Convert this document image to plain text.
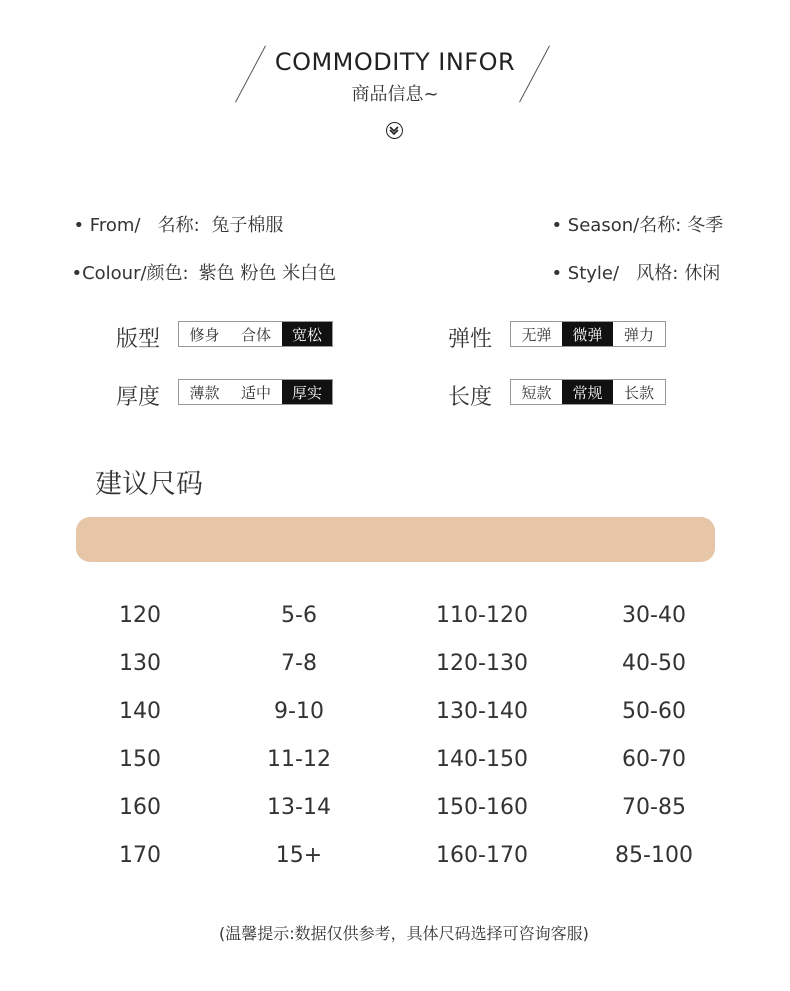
COMMODITY INFOR
商品信息~

• From/   名称: 兔子棉服	• Season/名称: 冬季

•Colour/颜色: 紫色 粉色 米白色	• Style/   风格: 休闲

版型	修身	合体	宽松	弹性	无弹	微弹	弹力
厚度	薄款	适中	厚实	长度	短款	常规	长款
建议尺码
120	5-6	110-120	30-40
130	7-8	120-130	40-50
140	9-10	130-140	50-60
150	11-12	140-150	60-70
160	13-14	150-160	70-85
170	15+	160-170	85-100
(温馨提示:数据仅供参考，具体尺码选择可咨询客服)
